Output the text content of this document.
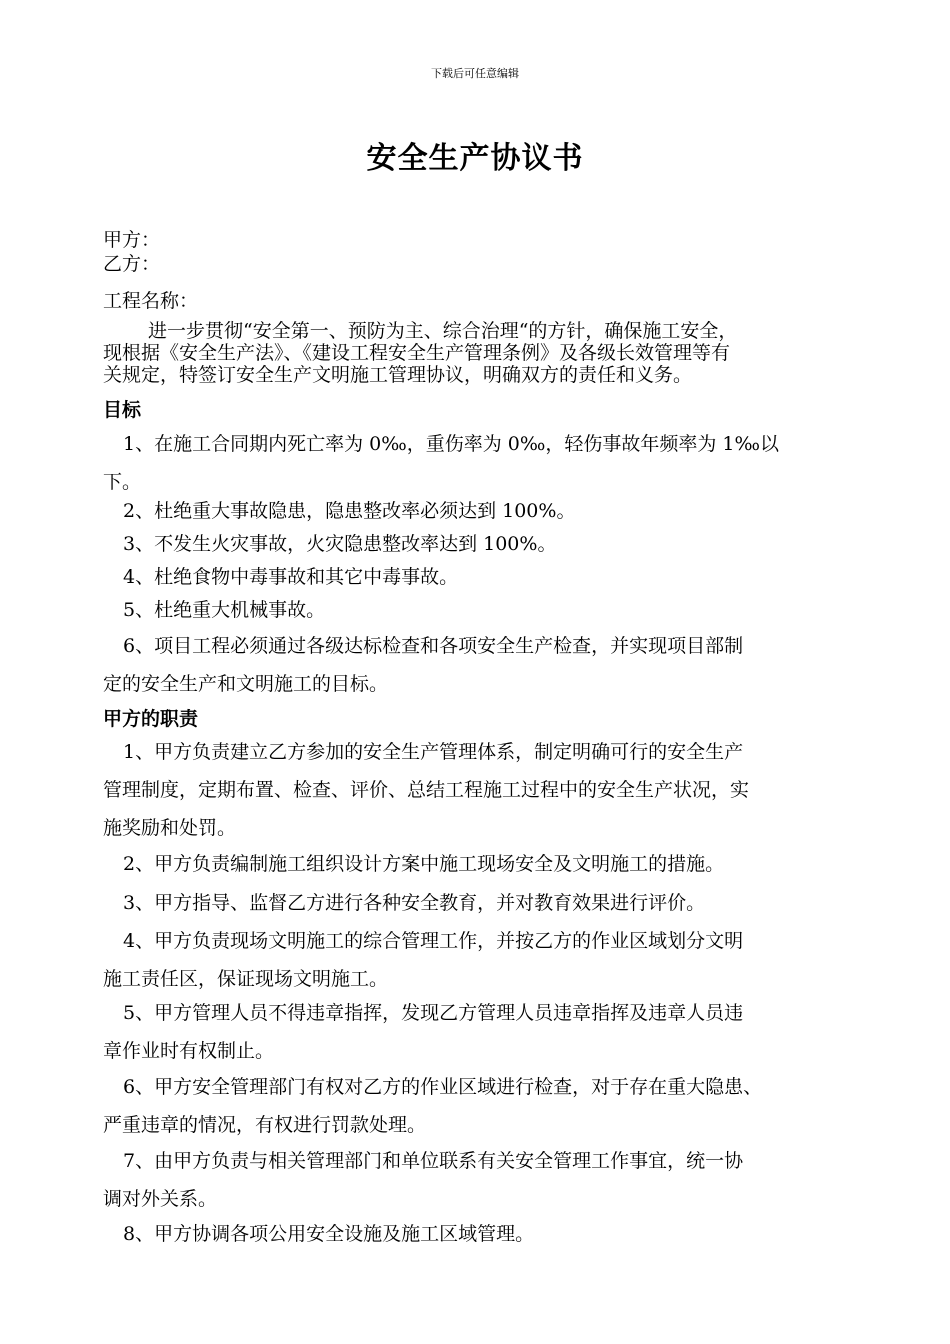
下载后可任意编辑
安全生产协议书
甲方：
乙方：
工程名称：
进一步贯彻“安全第一、预防为主、综合治理“的方针，确保施工安全，
现根据《安全生产法》、《建设工程安全生产管理条例》及各级长效管理等有
关规定，特签订安全生产文明施工管理协议，明确双方的责任和义务。
目标
1、在施工合同期内死亡率为 0‰，重伤率为 0‰，轻伤事故年频率为 1‰以
下。
2、杜绝重大事故隐患，隐患整改率必须达到 100%。
3、不发生火灾事故，火灾隐患整改率达到 100%。
4、杜绝食物中毒事故和其它中毒事故。
5、杜绝重大机械事故。
6、项目工程必须通过各级达标检查和各项安全生产检查，并实现项目部制
定的安全生产和文明施工的目标。
甲方的职责
1、甲方负责建立乙方参加的安全生产管理体系，制定明确可行的安全生产
管理制度，定期布置、检查、评价、总结工程施工过程中的安全生产状况，实
施奖励和处罚。
2、甲方负责编制施工组织设计方案中施工现场安全及文明施工的措施。
3、甲方指导、监督乙方进行各种安全教育，并对教育效果进行评价。
4、甲方负责现场文明施工的综合管理工作，并按乙方的作业区域划分文明
施工责任区，保证现场文明施工。
5、甲方管理人员不得违章指挥，发现乙方管理人员违章指挥及违章人员违
章作业时有权制止。
6、甲方安全管理部门有权对乙方的作业区域进行检查，对于存在重大隐患、
严重违章的情况，有权进行罚款处理。
7、由甲方负责与相关管理部门和单位联系有关安全管理工作事宜，统一协
调对外关系。
8、甲方协调各项公用安全设施及施工区域管理。
